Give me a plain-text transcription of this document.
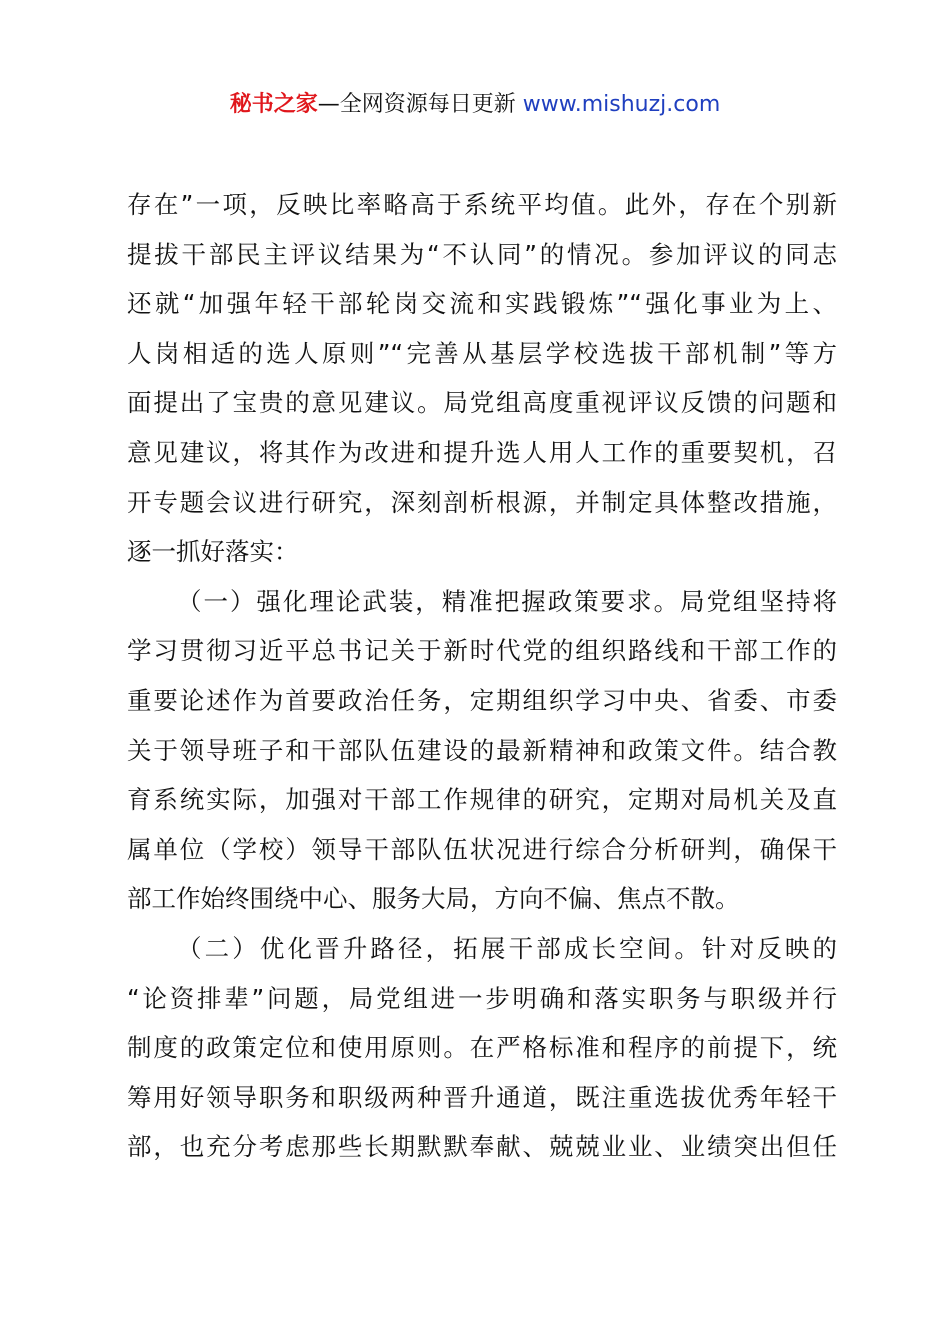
秘书之家—全网资源每日更新 www.mishuzj.com
存在”一项，反映比率略高于系统平均值。此外，存在个别新
提拔干部民主评议结果为“不认同”的情况。参加评议的同志
还就“加强年轻干部轮岗交流和实践锻炼”“强化事业为上、
人岗相适的选人原则”“完善从基层学校选拔干部机制”等方
面提出了宝贵的意见建议。局党组高度重视评议反馈的问题和
意见建议，将其作为改进和提升选人用人工作的重要契机，召
开专题会议进行研究，深刻剖析根源，并制定具体整改措施，
逐一抓好落实：
（一）强化理论武装，精准把握政策要求。局党组坚持将
学习贯彻习近平总书记关于新时代党的组织路线和干部工作的
重要论述作为首要政治任务，定期组织学习中央、省委、市委
关于领导班子和干部队伍建设的最新精神和政策文件。结合教
育系统实际，加强对干部工作规律的研究，定期对局机关及直
属单位（学校）领导干部队伍状况进行综合分析研判，确保干
部工作始终围绕中心、服务大局，方向不偏、焦点不散。
（二）优化晋升路径，拓展干部成长空间。针对反映的
“论资排辈”问题，局党组进一步明确和落实职务与职级并行
制度的政策定位和使用原则。在严格标准和程序的前提下，统
筹用好领导职务和职级两种晋升通道，既注重选拔优秀年轻干
部，也充分考虑那些长期默默奉献、兢兢业业、业绩突出但任
